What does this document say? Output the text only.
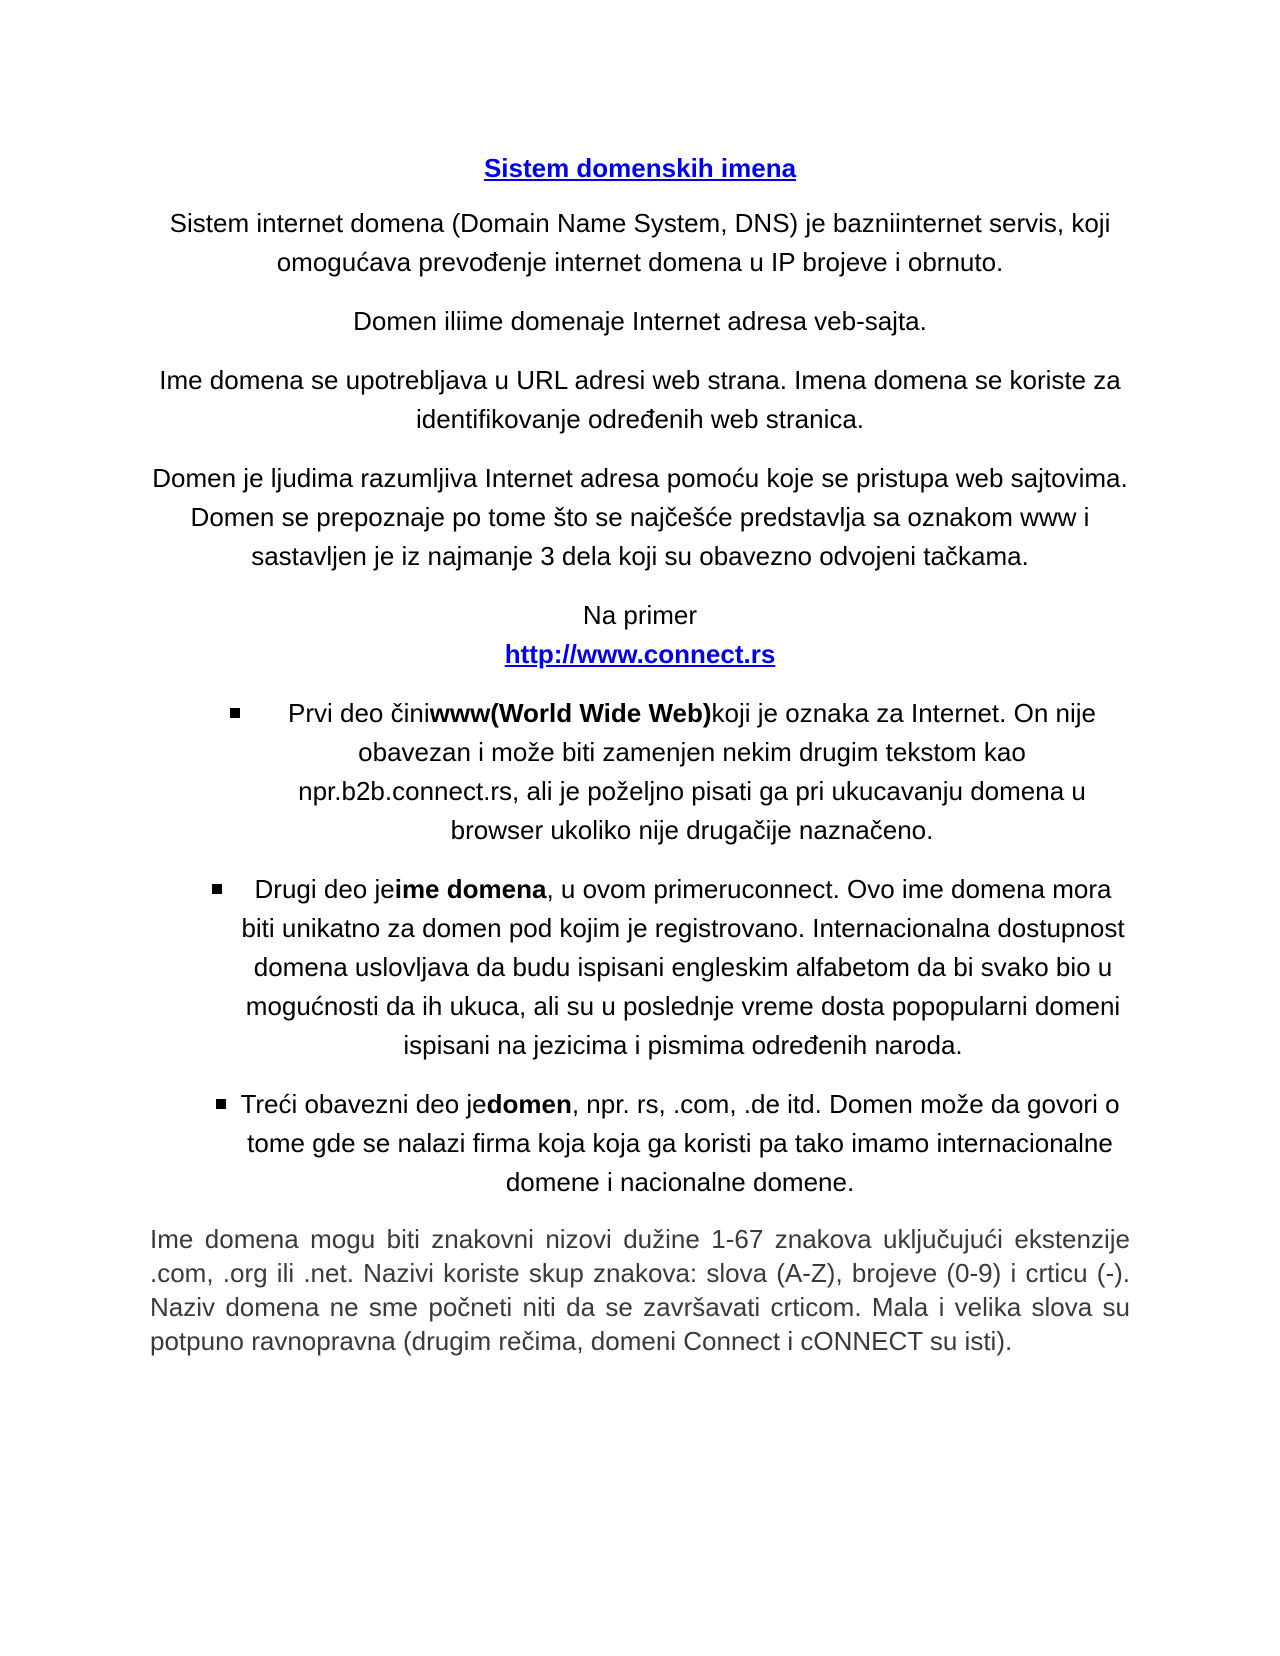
Sistem domenskih imena

Sistem internet domena (Domain Name System, DNS) je bazniinternet servis, koji omogućava prevođenje internet domena u IP brojeve i obrnuto.

Domen iliime domenaje Internet adresa veb-sajta.

Ime domena se upotrebljava u URL adresi web strana. Imena domena se koriste za identifikovanje određenih web stranica.

Domen je ljudima razumljiva Internet adresa pomoću koje se pristupa web sajtovima. Domen se prepoznaje po tome što se najčešće predstavlja sa oznakom www i sastavljen je iz najmanje 3 dela koji su obavezno odvojeni tačkama.

Na primer
http://www.connect.rs
Prvi deo činiwww(World Wide Web)koji je oznaka za Internet. On nije obavezan i može biti zamenjen nekim drugim tekstom kao npr.b2b.connect.rs, ali je poželjno pisati ga pri ukucavanju domena u browser ukoliko nije drugačije naznačeno.
Drugi deo jeime domena, u ovom primeruconnect. Ovo ime domena mora biti unikatno za domen pod kojim je registrovano. Internacionalna dostupnost domena uslovljava da budu ispisani engleskim alfabetom da bi svako bio u mogućnosti da ih ukuca, ali su u poslednje vreme dosta popopularni domeni ispisani na jezicima i pismima određenih naroda.
Treći obavezni deo jedomen, npr. rs, .com, .de itd. Domen može da govori o tome gde se nalazi firma koja koja ga koristi pa tako imamo internacionalne domene i nacionalne domene.

Ime domena mogu biti znakovni nizovi dužine 1-67 znakova uključujući ekstenzije .com, .org ili .net. Nazivi koriste skup znakova: slova (A-Z), brojeve (0-9) i crticu (-). Naziv domena ne sme počneti niti da se završavati crticom. Mala i velika slova su potpuno ravnopravna (drugim rečima, domeni Connect i cONNECT su isti).
